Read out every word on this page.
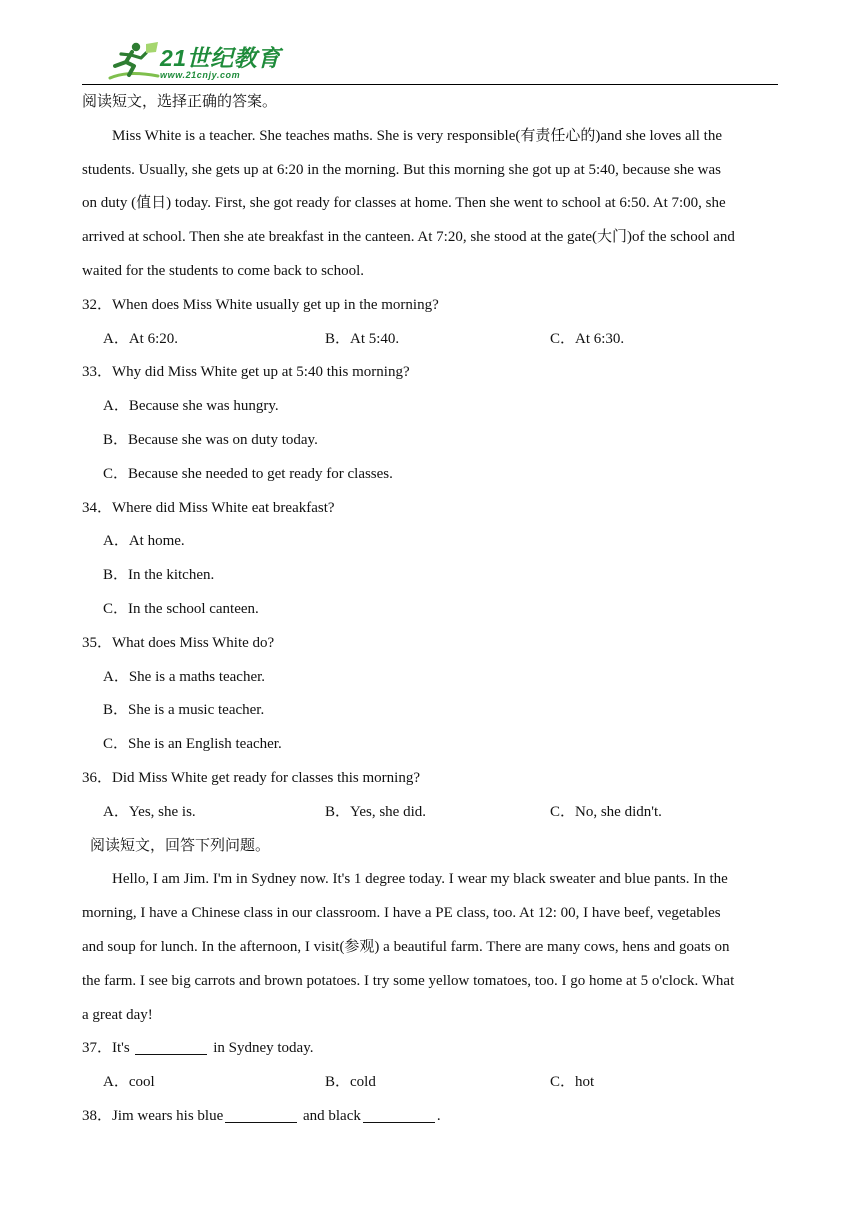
21世纪教育
www.21cnjy.com
阅读短文，选择正确的答案。
Miss White is a teacher. She teaches maths. She is very responsible(有责任心的)and she loves all the
students. Usually, she gets up at 6:20 in the morning. But this morning she got up at 5:40, because she was
on duty (值日) today. First, she got ready for classes at home. Then she went to school at 6:50. At 7:00, she
arrived at school. Then she ate breakfast in the canteen. At 7:20, she stood at the gate(大门)of the school and
waited for the students to come back to school.
32．When does Miss White usually get up in the morning?
A．At 6:20.	B．At 5:40.	C．At 6:30.
33．Why did Miss White get up at 5:40 this morning?
A．Because she was hungry.
B．Because she was on duty today.
C．Because she needed to get ready for classes.
34．Where did Miss White eat breakfast?
A．At home.
B．In the kitchen.
C．In the school canteen.
35．What does Miss White do?
A．She is a maths teacher.
B．She is a music teacher.
C．She is an English teacher.
36．Did Miss White get ready for classes this morning?
A．Yes, she is.	B．Yes, she did.	C．No, she didn't.
阅读短文，回答下列问题。
Hello, I am Jim. I'm in Sydney now. It's 1 degree today. I wear my black sweater and blue pants. In the
morning, I have a Chinese class in our classroom. I have a PE class, too. At 12: 00, I have beef, vegetables
and soup for lunch. In the afternoon, I visit(参观) a beautiful farm. There are many cows, hens and goats on
the farm. I see big carrots and brown potatoes. I try some yellow tomatoes, too. I go home at 5 o'clock. What
a great day!
37．It's	in Sydney today.
A．cool	B．cold	C．hot
38．Jim wears his blue	and black	.
